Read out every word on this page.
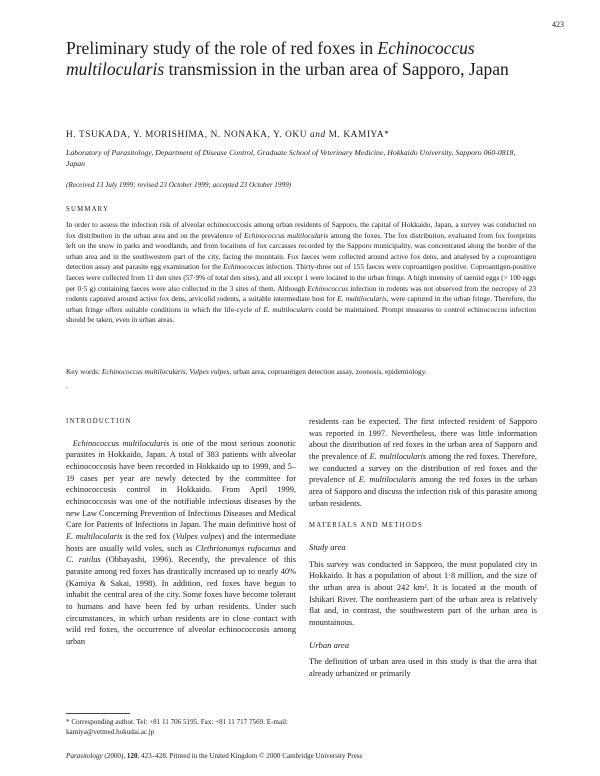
423
Preliminary study of the role of red foxes in Echinococcus multilocularis transmission in the urban area of Sapporo, Japan
H. TSUKADA, Y. MORISHIMA, N. NONAKA, Y. OKU and M. KAMIYA*
Laboratory of Parasitology, Department of Disease Control, Graduate School of Veterinary Medicine, Hokkaido University, Sapporo 060-0818, Japan
(Received 13 July 1999; revised 23 October 1999; accepted 23 October 1999)
SUMMARY

In order to assess the infection risk of alveolar echinococcosis among urban residents of Sapporo, the capital of Hokkaido, Japan, a survey was conducted on fox distribution in the urban area and on the prevalence of Echinococcus multilocularis among the foxes. The fox distribution, evaluated from fox footprints left on the snow in parks and woodlands, and from locations of fox carcasses recorded by the Sapporo municipality, was concentrated along the border of the urban area and in the southwestern part of the city, facing the mountain. Fox faeces were collected around active fox dens, and analysed by a coproantigen detection assay and parasite egg examination for the Echinococcus infection. Thirty-three out of 155 faeces were coproantigen positive. Coproantigen-positive faeces were collected from 11 den sites (57·9% of total den sites), and all except 1 were located in the urban fringe. A high intensity of taeniid eggs (> 100 eggs per 0·5 g) containing faeces were also collected in the 3 sites of them. Although Echinococcus infection in rodents was not observed from the necropsy of 23 rodents captured around active fox dens, arvicolid rodents, a suitable intermediate host for E. multilocularis, were captured in the urban fringe. Therefore, the urban fringe offers suitable conditions in which the life-cycle of E. multilocularis could be maintained. Prompt measures to control echinococcus infection should be taken, even in urban areas.

Key words: Echinococcus multilocularis, Vulpes vulpes, urban area, coproantigen detection assay, zoonosis, epidemiology.

.
INTRODUCTION

Echinococcus multilocularis is one of the most serious zoonotic parasites in Hokkaido, Japan. A total of 383 patients with alveolar echinococcosis have been recorded in Hokkaido up to 1999, and 5–19 cases per year are newly detected by the committee for echinococcosis control in Hokkaido. From April 1999, echinococcosis was one of the notifiable infectious diseases by the new Law Concerning Prevention of Infectious Diseases and Medical Care for Patients of Infections in Japan. The main definitive host of E. multilocularis is the red fox (Vulpes vulpes) and the intermediate hosts are usually wild voles, such as Clethrionomys rufocanus and C. rutilus (Ohbayashi, 1996). Recently, the prevalence of this parasite among red foxes has drastically increased up to nearly 40% (Kamiya & Sakai, 1998). In addition, red foxes have begun to inhabit the central area of the city. Some foxes have become tolerant to humans and have been fed by urban residents. Under such circumstances, in which urban residents are in close contact with wild red foxes, the occurrence of alveolar echinococcosis among urban

residents can be expected. The first infected resident of Sapporo was reported in 1997. Nevertheless, there was little information about the distribution of red foxes in the urban area of Sapporo and the prevalence of E. multilocularis among the red foxes. Therefore, we conducted a survey on the distribution of red foxes and the prevalence of E. multilocularis among the red foxes in the urban area of Sapporo and discuss the infection risk of this parasite among urban residents.

MATERIALS AND METHODS
Study area

This survey was conducted in Sapporo, the most populated city in Hokkaido. It has a population of about 1·8 million, and the size of the urban area is about 242 km². It is located at the mouth of Ishikari River. The northeastern part of the urban area is relatively flat and, in contrast, the southwestern part of the urban area is mountainous.

Urban area

The definition of urban area used in this study is that the area that already urbanized or primarily

* Corresponding author. Tel: +81 11 706 5195. Fax: +81 11 717 7569. E-mail: kamiya@vetmed.hokudai.ac.jp
Parasitology (2000), 120, 423–428. Printed in the United Kingdom © 2000 Cambridge University Press
